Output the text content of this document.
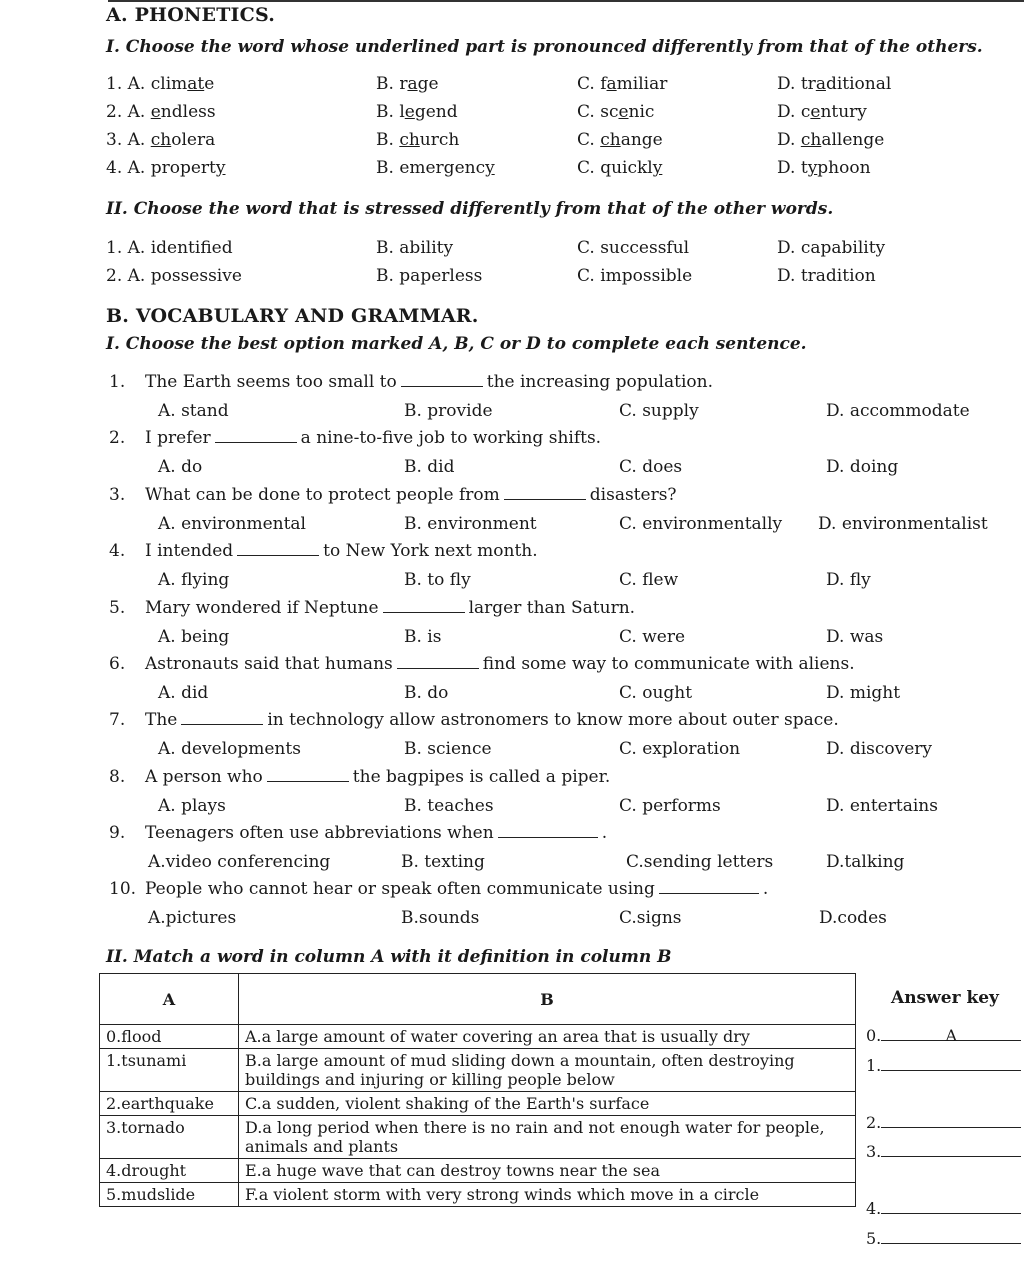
A. PHONETICS.
I. Choose the word whose underlined part is pronounced differently from that of the others.
1. A. climate	B. rage	C. familiar	D. traditional
2. A. endless	B. legend	C. scenic	D. century
3. A. cholera	B. church	C. change	D. challenge
4. A. property	B. emergency	C. quickly	D. typhoon
II. Choose the word that is stressed differently from that of the other words.
1. A. identified	B. ability	C. successful	D. capability
2. A. possessive	B. paperless	C. impossible	D. tradition
B. VOCABULARY AND GRAMMAR.
I. Choose the best option marked A, B, C or D to complete each sentence.
1. The Earth seems too small to	the increasing population.
A. stand	B. provide	C. supply	D. accommodate
2. I prefer	a nine-to-five job to working shifts.
A. do	B. did	C. does	D. doing
3. What can be done to protect people from	disasters?
A. environmental	B. environment	C. environmentally D. environmentalist
4. I intended	to New York next month.
A. flying	B. to fly	C. flew	D. fly
5. Mary wondered if Neptune	larger than Saturn.
A. being	B. is	C. were	D. was
6. Astronauts said that humans	find some way to communicate with aliens.
A. did	B. do	C. ought	D. might
7. The	in technology allow astronomers to know more about outer space.
A. developments	B. science	C. exploration	D. discovery
8. A person who	the bagpipes is called a piper.
A. plays	B. teaches	C. performs	D. entertains
9. Teenagers often use abbreviations when	.
A.video conferencing	B. texting	C.sending letters	D.talking
10. People who cannot hear or speak often communicate using	.
A.pictures	B.sounds	C.signs	D.codes
II. Match a word in column A with it definition in column B
A	B
0.flood	A.a large amount of water covering an area that is usually dry
1.tsunami	B.a large amount of mud sliding down a mountain, often destroying buildings and injuring or killing people below
2.earthquake	C.a sudden, violent shaking of the Earth's surface
3.tornado	D.a long period when there is no rain and not enough water for people, animals and plants
4.drought	E.a huge wave that can destroy towns near the sea
5.mudslide	F.a violent storm with very strong winds which move in a circle
Answer key
0.	A
1.
2.
3.
4.
5.
